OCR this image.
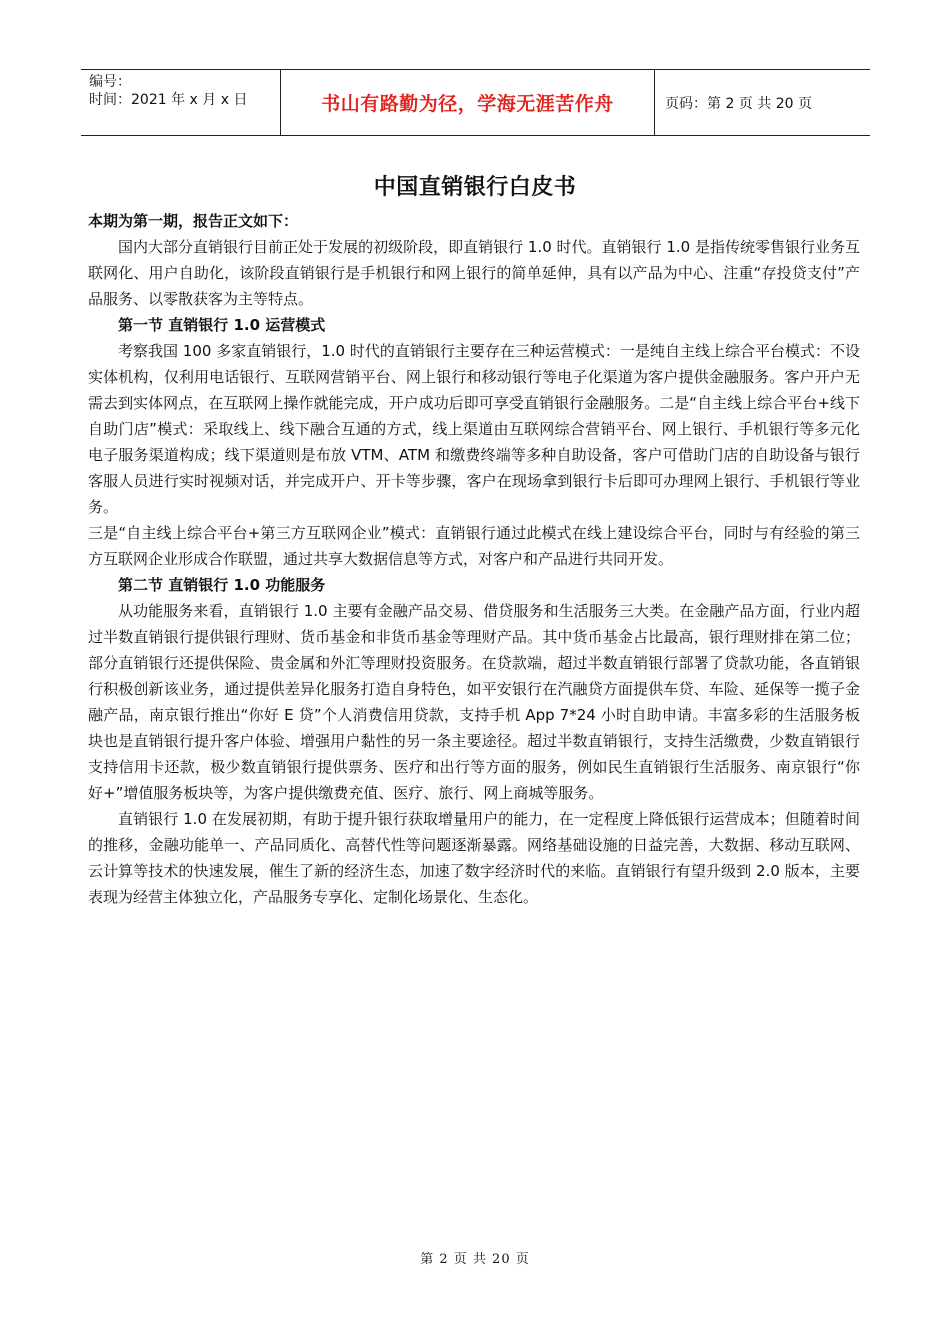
编号：
时间：2021 年 x 月 x 日	书山有路勤为径，学海无涯苦作舟	页码：第 2 页 共 20 页
中国直销银行白皮书

本期为第一期，报告正文如下：

国内大部分直销银行目前正处于发展的初级阶段，即直销银行 1.0 时代。直销银行 1.0 是指传统零售银行业务互联网化、用户自助化，该阶段直销银行是手机银行和网上银行的简单延伸，具有以产品为中心、注重“存投贷支付”产品服务、以零散获客为主等特点。

第一节 直销银行 1.0 运营模式

考察我国 100 多家直销银行，1.0 时代的直销银行主要存在三种运营模式：一是纯自主线上综合平台模式：不设实体机构，仅利用电话银行、互联网营销平台、网上银行和移动银行等电子化渠道为客户提供金融服务。客户开户无需去到实体网点，在互联网上操作就能完成，开户成功后即可享受直销银行金融服务。二是“自主线上综合平台+线下自助门店”模式：采取线上、线下融合互通的方式，线上渠道由互联网综合营销平台、网上银行、手机银行等多元化电子服务渠道构成；线下渠道则是布放 VTM、ATM 和缴费终端等多种自助设备，客户可借助门店的自助设备与银行客服人员进行实时视频对话，并完成开户、开卡等步骤，客户在现场拿到银行卡后即可办理网上银行、手机银行等业务。

三是“自主线上综合平台+第三方互联网企业”模式：直销银行通过此模式在线上建设综合平台，同时与有经验的第三方互联网企业形成合作联盟，通过共享大数据信息等方式，对客户和产品进行共同开发。

第二节 直销银行 1.0 功能服务

从功能服务来看，直销银行 1.0 主要有金融产品交易、借贷服务和生活服务三大类。在金融产品方面，行业内超过半数直销银行提供银行理财、货币基金和非货币基金等理财产品。其中货币基金占比最高，银行理财排在第二位；部分直销银行还提供保险、贵金属和外汇等理财投资服务。在贷款端，超过半数直销银行部署了贷款功能，各直销银行积极创新该业务，通过提供差异化服务打造自身特色，如平安银行在汽融贷方面提供车贷、车险、延保等一揽子金融产品，南京银行推出“你好 E 贷”个人消费信用贷款，支持手机 App 7*24 小时自助申请。丰富多彩的生活服务板块也是直销银行提升客户体验、增强用户黏性的另一条主要途径。超过半数直销银行，支持生活缴费，少数直销银行支持信用卡还款，极少数直销银行提供票务、医疗和出行等方面的服务，例如民生直销银行生活服务、南京银行“你好+”增值服务板块等，为客户提供缴费充值、医疗、旅行、网上商城等服务。

直销银行 1.0 在发展初期，有助于提升银行获取增量用户的能力，在一定程度上降低银行运营成本；但随着时间的推移，金融功能单一、产品同质化、高替代性等问题逐渐暴露。网络基础设施的日益完善，大数据、移动互联网、云计算等技术的快速发展，催生了新的经济生态，加速了数字经济时代的来临。直销银行有望升级到 2.0 版本，主要表现为经营主体独立化，产品服务专享化、定制化场景化、生态化。

第 2 页 共 20 页
